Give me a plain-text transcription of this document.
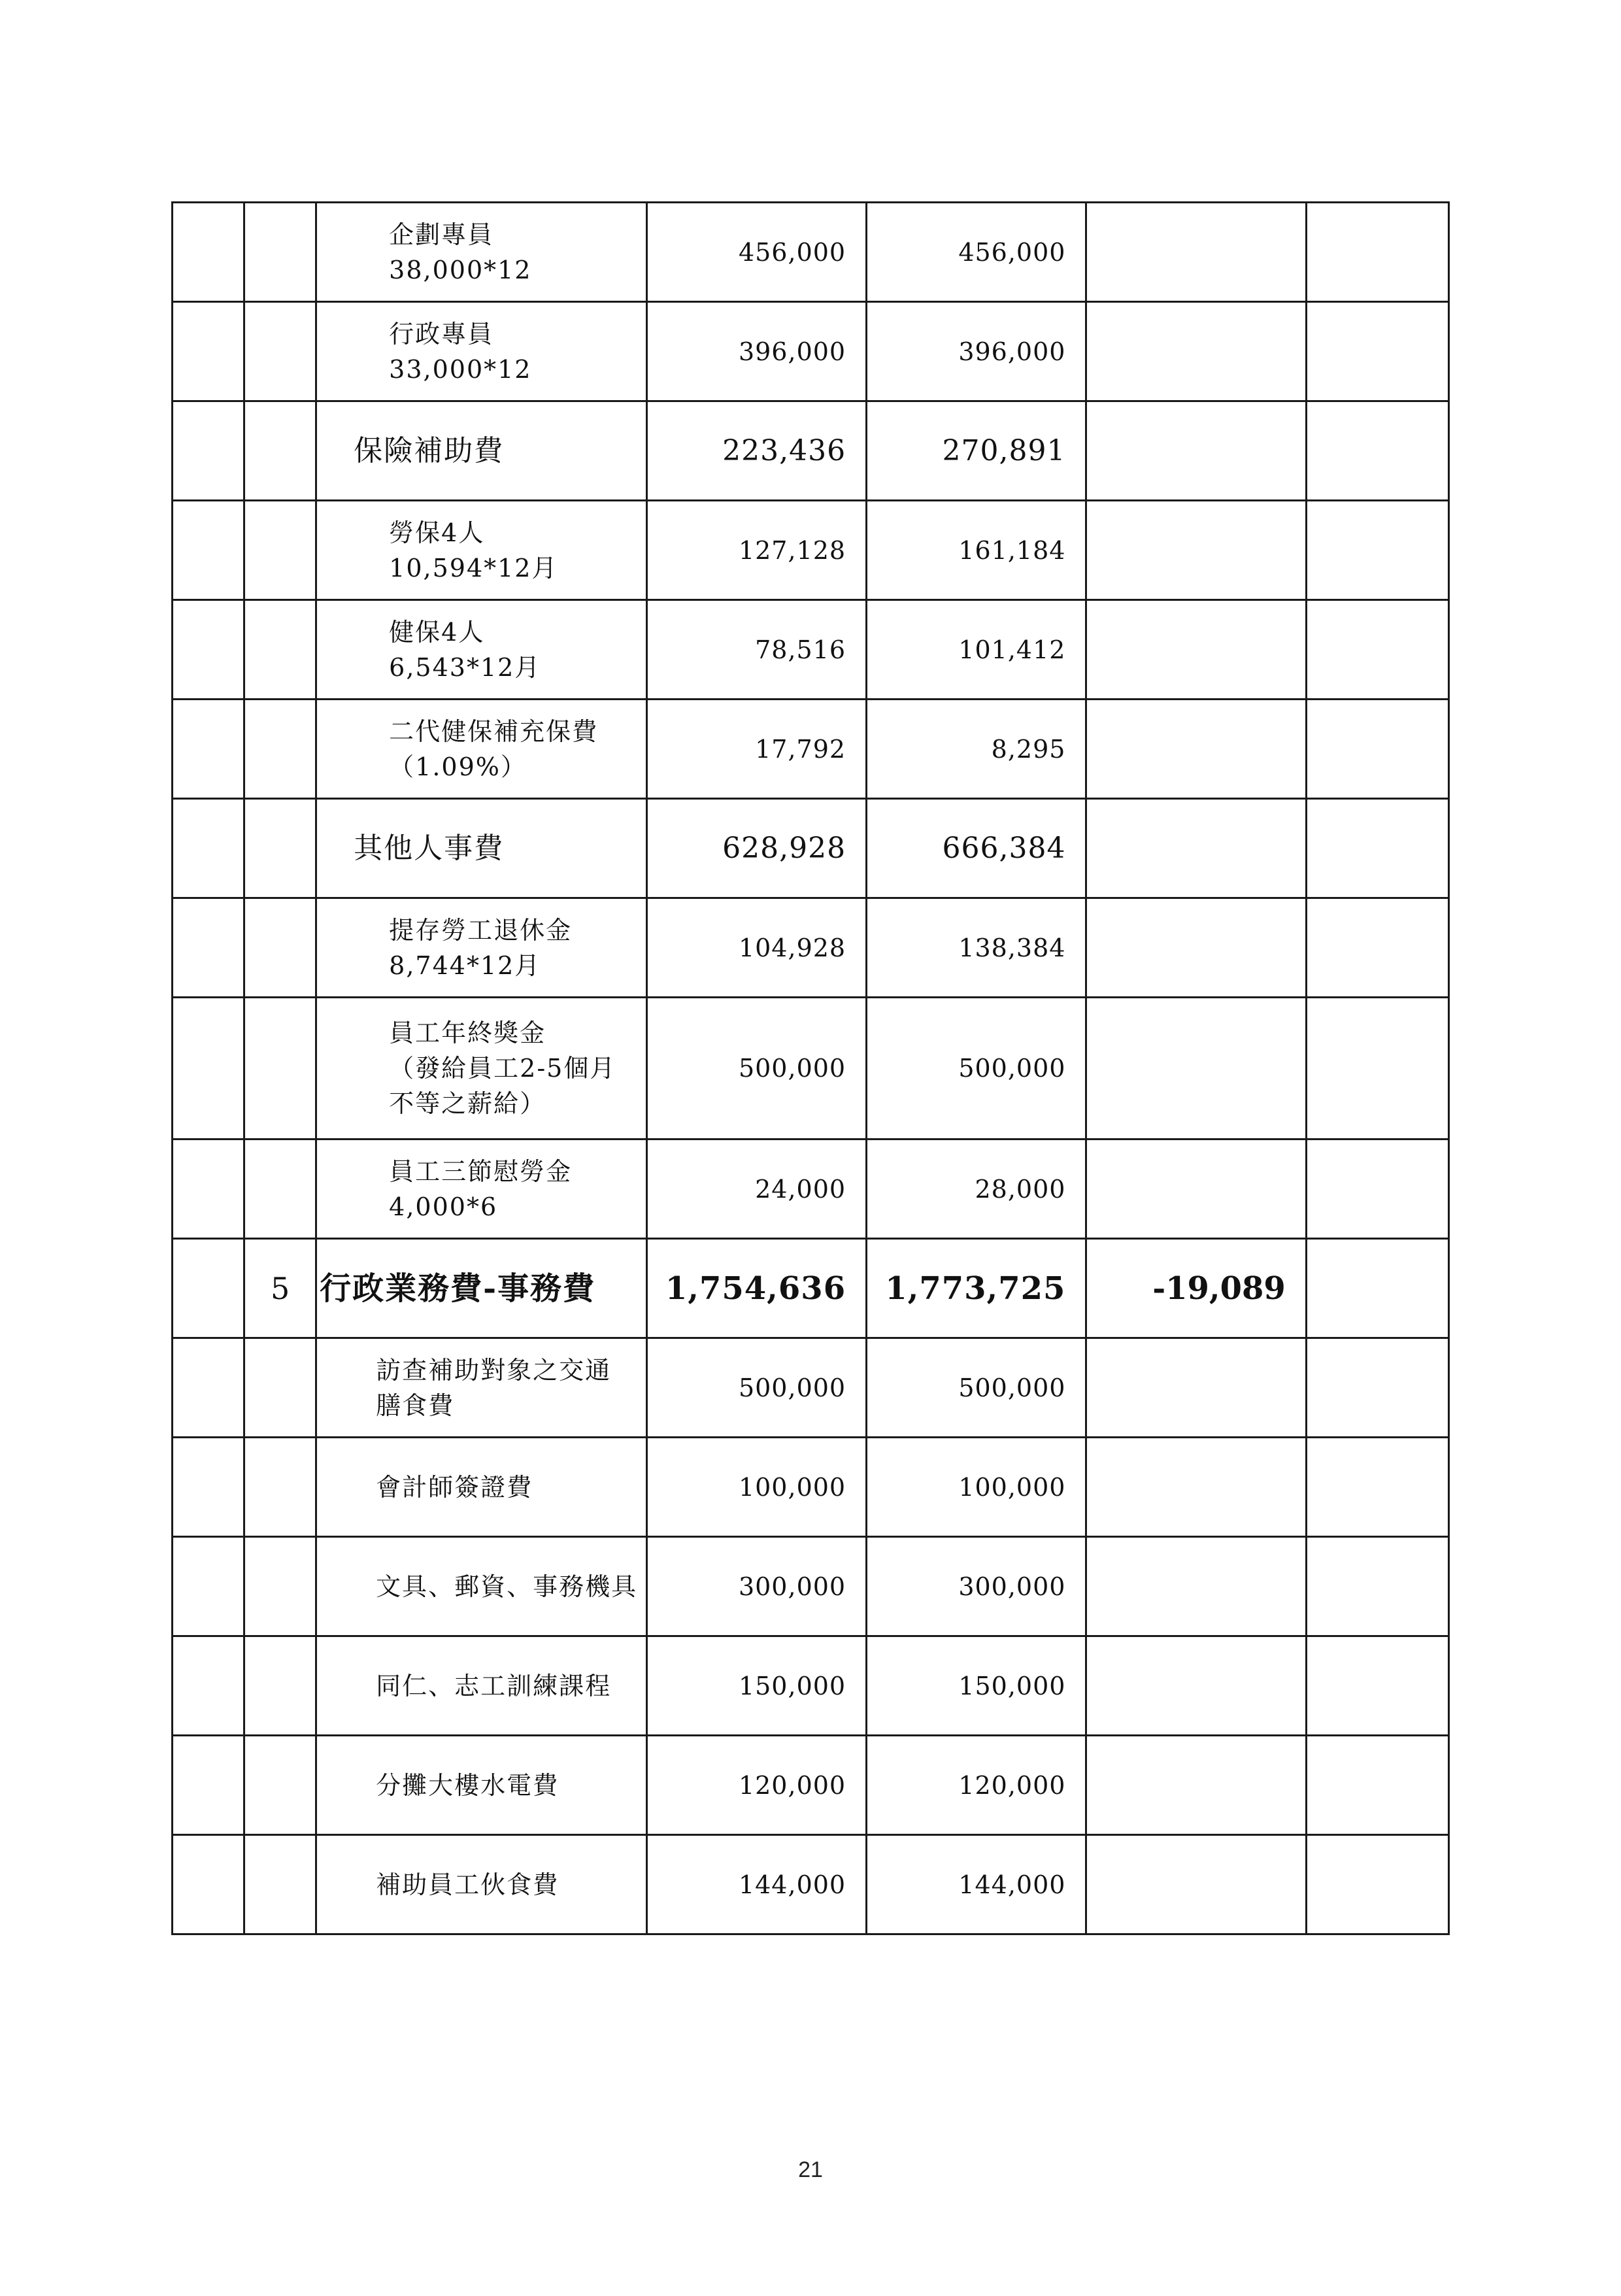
		企劃專員
38,000*12	456,000	456,000		

		行政專員
33,000*12	396,000	396,000		

		保險補助費	223,436	270,891		

		勞保4人
10,594*12月	127,128	161,184		

		健保4人
6,543*12月	78,516	101,412		

		二代健保補充保費
（1.09%）	17,792	8,295		

		其他人事費	628,928	666,384		

		提存勞工退休金
8,744*12月	104,928	138,384		

		員工年終獎金
（發給員工2-5個月
不等之薪給）	500,000	500,000		

		員工三節慰勞金
4,000*6	24,000	28,000		
	5	行政業務費-事務費	1,754,636	1,773,725	-19,089	

		訪查補助對象之交通
膳食費	500,000	500,000		

		會計師簽證費	100,000	100,000		

		文具、郵資、事務機具	300,000	300,000		

		同仁、志工訓練課程	150,000	150,000		

		分攤大樓水電費	120,000	120,000		

		補助員工伙食費	144,000	144,000		
21
